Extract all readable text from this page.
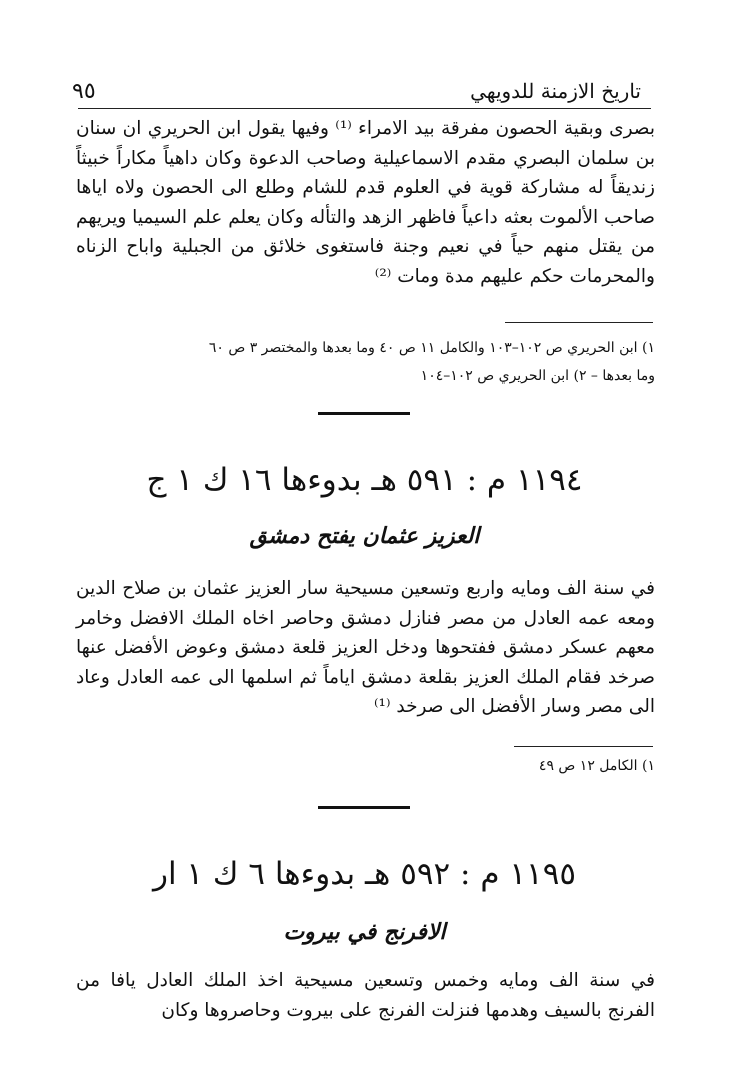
٩٥	تاريخ الازمنة للدويهي

بصرى وبقية الحصون مفرقة بيد الامراء ⁽¹⁾ وفيها يقول ابن الحريري ان سنان بن سلمان البصري مقدم الاسماعيلية وصاحب الدعوة وكان داهياً مكاراً خبيثاً زنديقاً له مشاركة قوية في العلوم قدم للشام وطلع الى الحصون ولاه اياها صاحب الألموت بعثه داعياً فاظهر الزهد والتأله وكان يعلم علم السيميا ويريهم من يقتل منهم حياً في نعيم وجنة فاستغوى خلائق من الجبلية واباح الزناه والمحرمات حكم عليهم مدة ومات ⁽²⁾

١) ابن الحريري ص ١٠٢–١٠٣ والكامل ١١ ص ٤٠ وما بعدها والمختصر ٣ ص ٦٠

وما بعدها – ٢) ابن الحريري ص ١٠٢–١٠٤

١١٩٤ م : ٥٩١ هـ بدوءها ١٦ ك ١ ج
العزيز عثمان يفتح دمشق

في سنة الف ومايه واربع وتسعين مسيحية سار العزيز عثمان بن صلاح الدين ومعه عمه العادل من مصر فنازل دمشق وحاصر اخاه الملك الافضل وخامر معهم عسكر دمشق ففتحوها ودخل العزيز قلعة دمشق وعوض الأفضل عنها صرخد فقام الملك العزيز بقلعة دمشق اياماً ثم اسلمها الى عمه العادل وعاد الى مصر وسار الأفضل الى صرخد ⁽¹⁾

١) الكامل ١٢ ص ٤٩

١١٩٥ م : ٥٩٢ هـ بدوءها ٦ ك ١ ار
الافرنج في بيروت

في سنة الف ومايه وخمس وتسعين مسيحية اخذ الملك العادل يافا من الفرنج بالسيف وهدمها فنزلت الفرنج على بيروت وحاصروها وكان
